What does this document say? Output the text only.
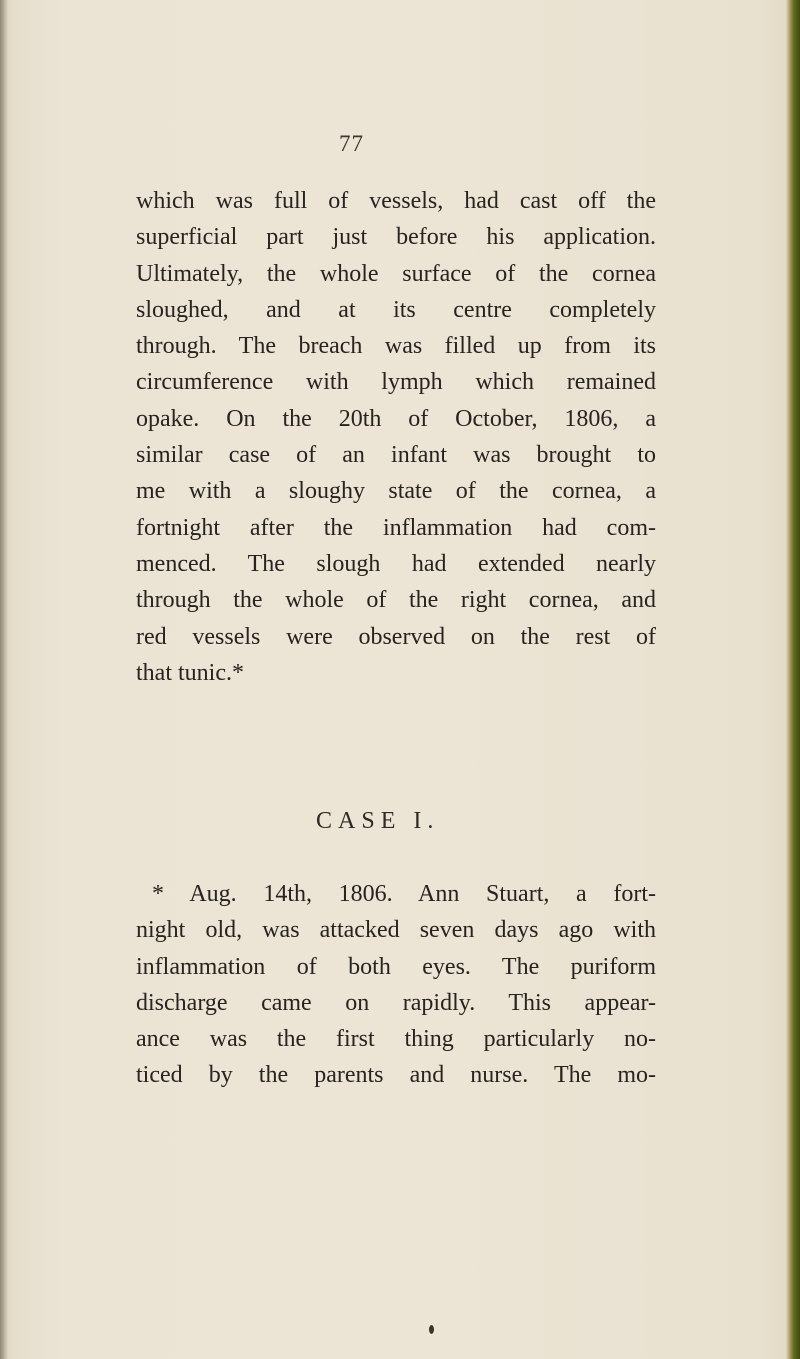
77
which was full of vessels, had cast off the
superficial part just before his application.
Ultimately, the whole surface of the cornea
sloughed, and at its centre completely
through. The breach was filled up from its
circumference with lymph which remained
opake. On the 20th of October, 1806, a
similar case of an infant was brought to
me with a sloughy state of the cornea, a
fortnight after the inflammation had com-
menced. The slough had extended nearly
through the whole of the right cornea, and
red vessels were observed on the rest of
that tunic.*
CASE I.
* Aug. 14th, 1806. Ann Stuart, a fort-
night old, was attacked seven days ago with
inflammation of both eyes. The puriform
discharge came on rapidly. This appear-
ance was the first thing particularly no-
ticed by the parents and nurse. The mo-
